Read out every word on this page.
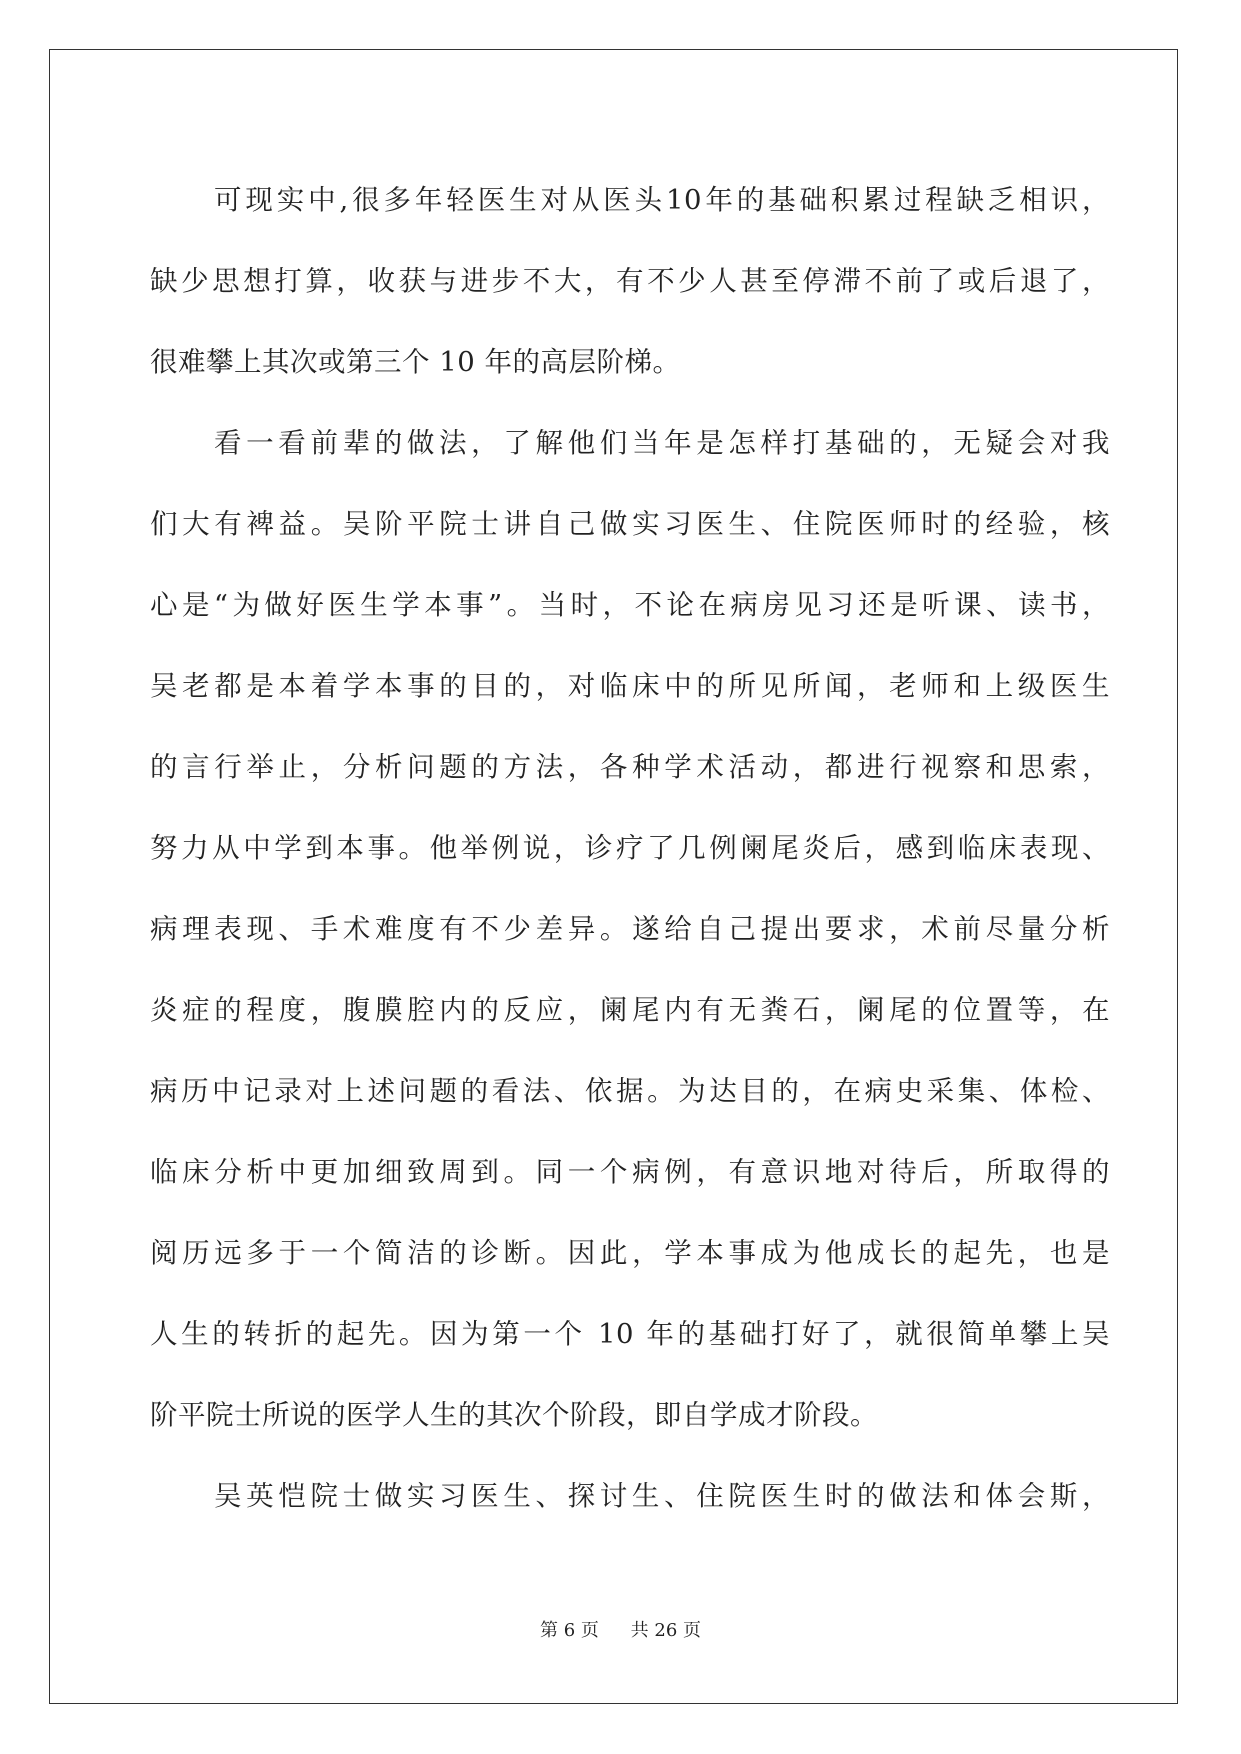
可现实中,很多年轻医生对从医头10年的基础积累过程缺乏相识，

缺少思想打算，收获与进步不大，有不少人甚至停滞不前了或后退了，

很难攀上其次或第三个 10 年的高层阶梯。

看一看前辈的做法，了解他们当年是怎样打基础的，无疑会对我

们大有裨益。吴阶平院士讲自己做实习医生、住院医师时的经验，核

心是“为做好医生学本事”。当时，不论在病房见习还是听课、读书，

吴老都是本着学本事的目的，对临床中的所见所闻，老师和上级医生

的言行举止，分析问题的方法，各种学术活动，都进行视察和思索，

努力从中学到本事。他举例说，诊疗了几例阑尾炎后，感到临床表现、

病理表现、手术难度有不少差异。遂给自己提出要求，术前尽量分析

炎症的程度，腹膜腔内的反应，阑尾内有无粪石，阑尾的位置等，在

病历中记录对上述问题的看法、依据。为达目的，在病史采集、体检、

临床分析中更加细致周到。同一个病例，有意识地对待后，所取得的

阅历远多于一个简洁的诊断。因此，学本事成为他成长的起先，也是

人生的转折的起先。因为第一个 10 年的基础打好了，就很简单攀上吴

阶平院士所说的医学人生的其次个阶段，即自学成才阶段。

吴英恺院士做实习医生、探讨生、住院医生时的做法和体会斯，

第 6 页 共 26 页
